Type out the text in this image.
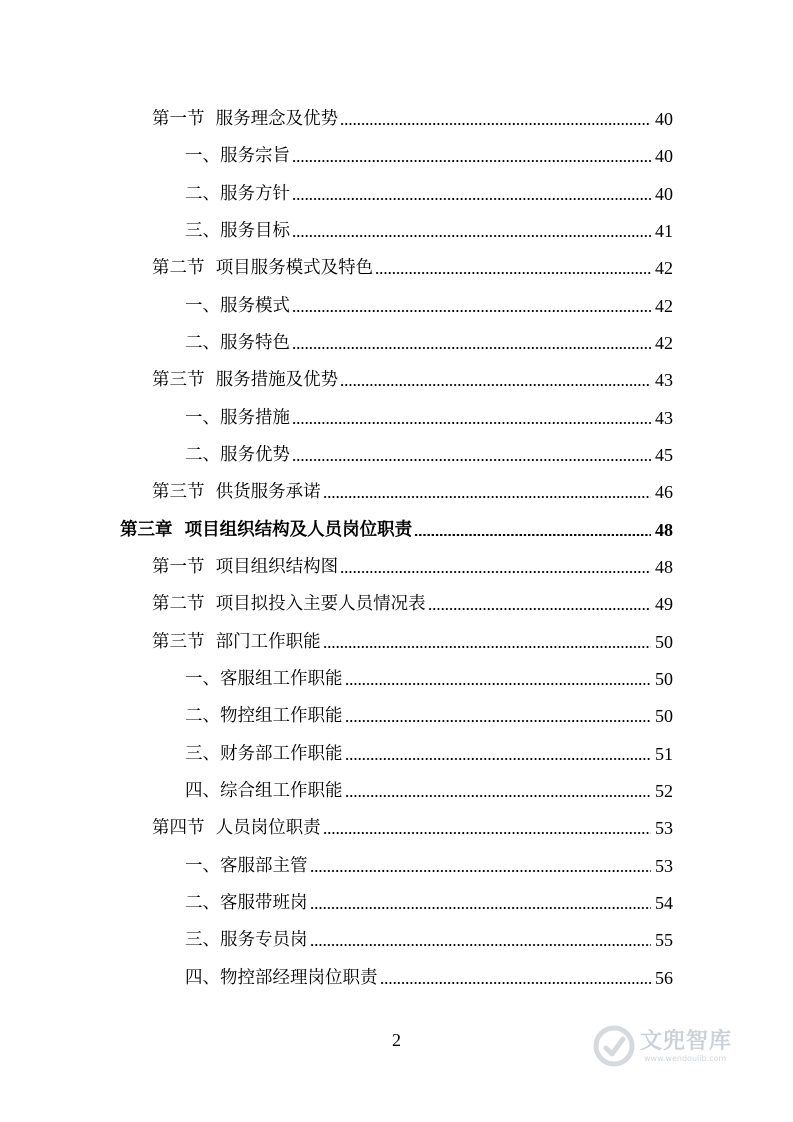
第一节  服务理念及优势	40
一、服务宗旨	40
二、服务方针	40
三、服务目标	41
第二节  项目服务模式及特色	42
一、服务模式	42
二、服务特色	42
第三节  服务措施及优势	43
一、服务措施	43
二、服务优势	45
第三节  供货服务承诺	46
第三章  项目组织结构及人员岗位职责	48
第一节  项目组织结构图	48
第二节  项目拟投入主要人员情况表	49
第三节  部门工作职能	50
一、客服组工作职能	50
二、物控组工作职能	50
三、财务部工作职能	51
四、综合组工作职能	52
第四节  人员岗位职责	53
一、客服部主管	53
二、客服带班岗	54
三、服务专员岗	55
四、物控部经理岗位职责	56
2	文兜智库
www.wendoulib.com
